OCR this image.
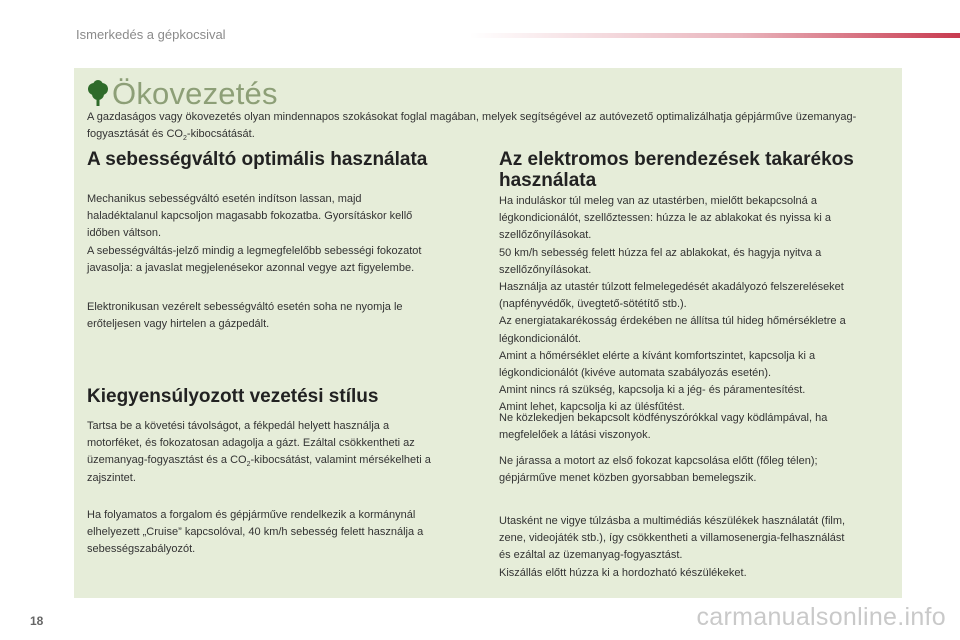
Ismerkedés a gépkocsival
Ökovezetés
A gazdaságos vagy ökovezetés olyan mindennapos szokásokat foglal magában, melyek segítségével az autóvezető optimalizálhatja gépjárműve üzemanyag-fogyasztását és $CO_2$-kibocsátását.
A sebességváltó optimális használata

Mechanikus sebességváltó esetén indítson lassan, majd
haladéktalanul kapcsoljon magasabb fokozatba. Gyorsításkor kellő
időben váltson.
A sebességváltás-jelző mindig a legmegfelelőbb sebességi fokozatot
javasolja: a javaslat megjelenésekor azonnal vegye azt figyelembe.

Elektronikusan vezérelt sebességváltó esetén soha ne nyomja le
erőteljesen vagy hirtelen a gázpedált.

Kiegyensúlyozott vezetési stílus

Tartsa be a követési távolságot, a fékpedál helyett használja a
motorféket, és fokozatosan adagolja a gázt. Ezáltal csökkentheti az
üzemanyag-fogyasztást és a $CO_2$-kibocsátást, valamint mérsékelheti a
zajszintet.

Ha folyamatos a forgalom és gépjárműve rendelkezik a kormánynál
elhelyezett „Cruise” kapcsolóval, 40 km/h sebesség felett használja a
sebességszabályozót.

Az elektromos berendezések takarékos
használata

Ha induláskor túl meleg van az utastérben, mielőtt bekapcsolná a
légkondicionálót, szellőztessen: húzza le az ablakokat és nyissa ki a
szellőzőnyílásokat.
50 km/h sebesség felett húzza fel az ablakokat, és hagyja nyitva a
szellőzőnyílásokat.
Használja az utastér túlzott felmelegedését akadályozó felszereléseket
(napfényvédők, üvegtető-sötétítő stb.).
Az energiatakarékosság érdekében ne állítsa túl hideg hőmérsékletre a
légkondicionálót.
Amint a hőmérséklet elérte a kívánt komfortszintet, kapcsolja ki a
légkondicionálót (kivéve automata szabályozás esetén).
Amint nincs rá szükség, kapcsolja ki a jég- és páramentesítést.
Amint lehet, kapcsolja ki az ülésfűtést.

Ne közlekedjen bekapcsolt ködfényszórókkal vagy ködlámpával, ha
megfelelőek a látási viszonyok.

Ne járassa a motort az első fokozat kapcsolása előtt (főleg télen);
gépjárműve menet közben gyorsabban bemelegszik.

Utasként ne vigye túlzásba a multimédiás készülékek használatát (film,
zene, videojáték stb.), így csökkentheti a villamosenergia-felhasználást
és ezáltal az üzemanyag-fogyasztást.
Kiszállás előtt húzza ki a hordozható készülékeket.

18	carmanualsonline.info
